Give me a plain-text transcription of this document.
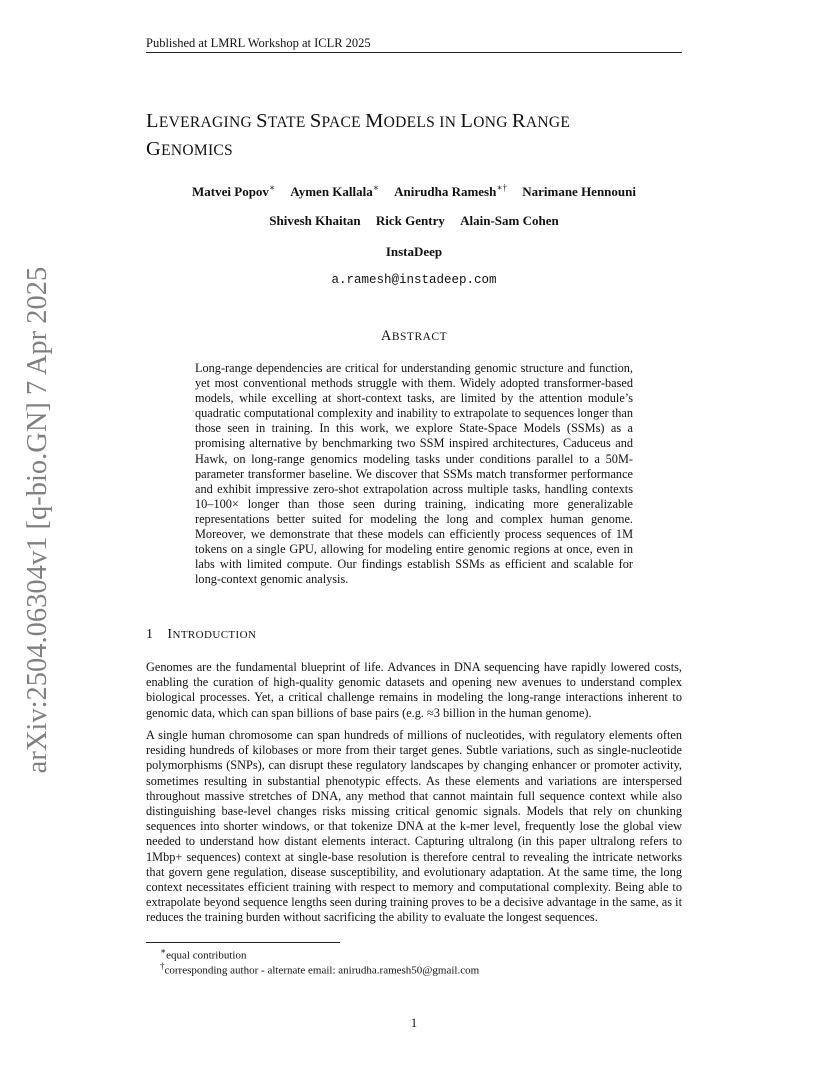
arXiv:2504.06304v1 [q-bio.GN] 7 Apr 2025
Published at LMRL Workshop at ICLR 2025
LEVERAGING STATE SPACE MODELS IN LONG RANGE
GENOMICS
Matvei Popov∗ Aymen Kallala∗ Anirudha Ramesh∗† Narimane Hennouni
Shivesh Khaitan Rick Gentry Alain-Sam Cohen
InstaDeep
a.ramesh@instadeep.com
ABSTRACT
Long-range dependencies are critical for understanding genomic structure and function, yet most conventional methods struggle with them. Widely adopted transformer-based models, while excelling at short-context tasks, are limited by the attention module’s quadratic computational complexity and inability to extrapolate to sequences longer than those seen in training. In this work, we explore State-Space Models (SSMs) as a promising alternative by benchmarking two SSM inspired architectures, Caduceus and Hawk, on long-range genomics modeling tasks under conditions parallel to a 50M-parameter transformer baseline. We discover that SSMs match transformer performance and exhibit impressive zero-shot extrapolation across multiple tasks, handling contexts 10–100× longer than those seen during training, indicating more generalizable representations better suited for modeling the long and complex human genome. Moreover, we demonstrate that these models can efficiently process sequences of 1M tokens on a single GPU, allowing for modeling entire genomic regions at once, even in labs with limited compute. Our findings establish SSMs as efficient and scalable for long-context genomic analysis.
1 INTRODUCTION
Genomes are the fundamental blueprint of life. Advances in DNA sequencing have rapidly lowered costs, enabling the curation of high-quality genomic datasets and opening new avenues to understand complex biological processes. Yet, a critical challenge remains in modeling the long-range interactions inherent to genomic data, which can span billions of base pairs (e.g. ≈3 billion in the human genome).
A single human chromosome can span hundreds of millions of nucleotides, with regulatory elements often residing hundreds of kilobases or more from their target genes. Subtle variations, such as single-nucleotide polymorphisms (SNPs), can disrupt these regulatory landscapes by changing enhancer or promoter activity, sometimes resulting in substantial phenotypic effects. As these elements and variations are interspersed throughout massive stretches of DNA, any method that cannot maintain full sequence context while also distinguishing base-level changes risks missing critical genomic signals. Models that rely on chunking sequences into shorter windows, or that tokenize DNA at the k-mer level, frequently lose the global view needed to understand how distant elements interact. Capturing ultralong (in this paper ultralong refers to 1Mbp+ sequences) context at single-base resolution is therefore central to revealing the intricate networks that govern gene regulation, disease susceptibility, and evolutionary adaptation. At the same time, the long context necessitates efficient training with respect to memory and computational complexity. Being able to extrapolate beyond sequence lengths seen during training proves to be a decisive advantage in the same, as it reduces the training burden without sacrificing the ability to evaluate the longest sequences.
∗equal contribution
†corresponding author - alternate email: anirudha.ramesh50@gmail.com
1
